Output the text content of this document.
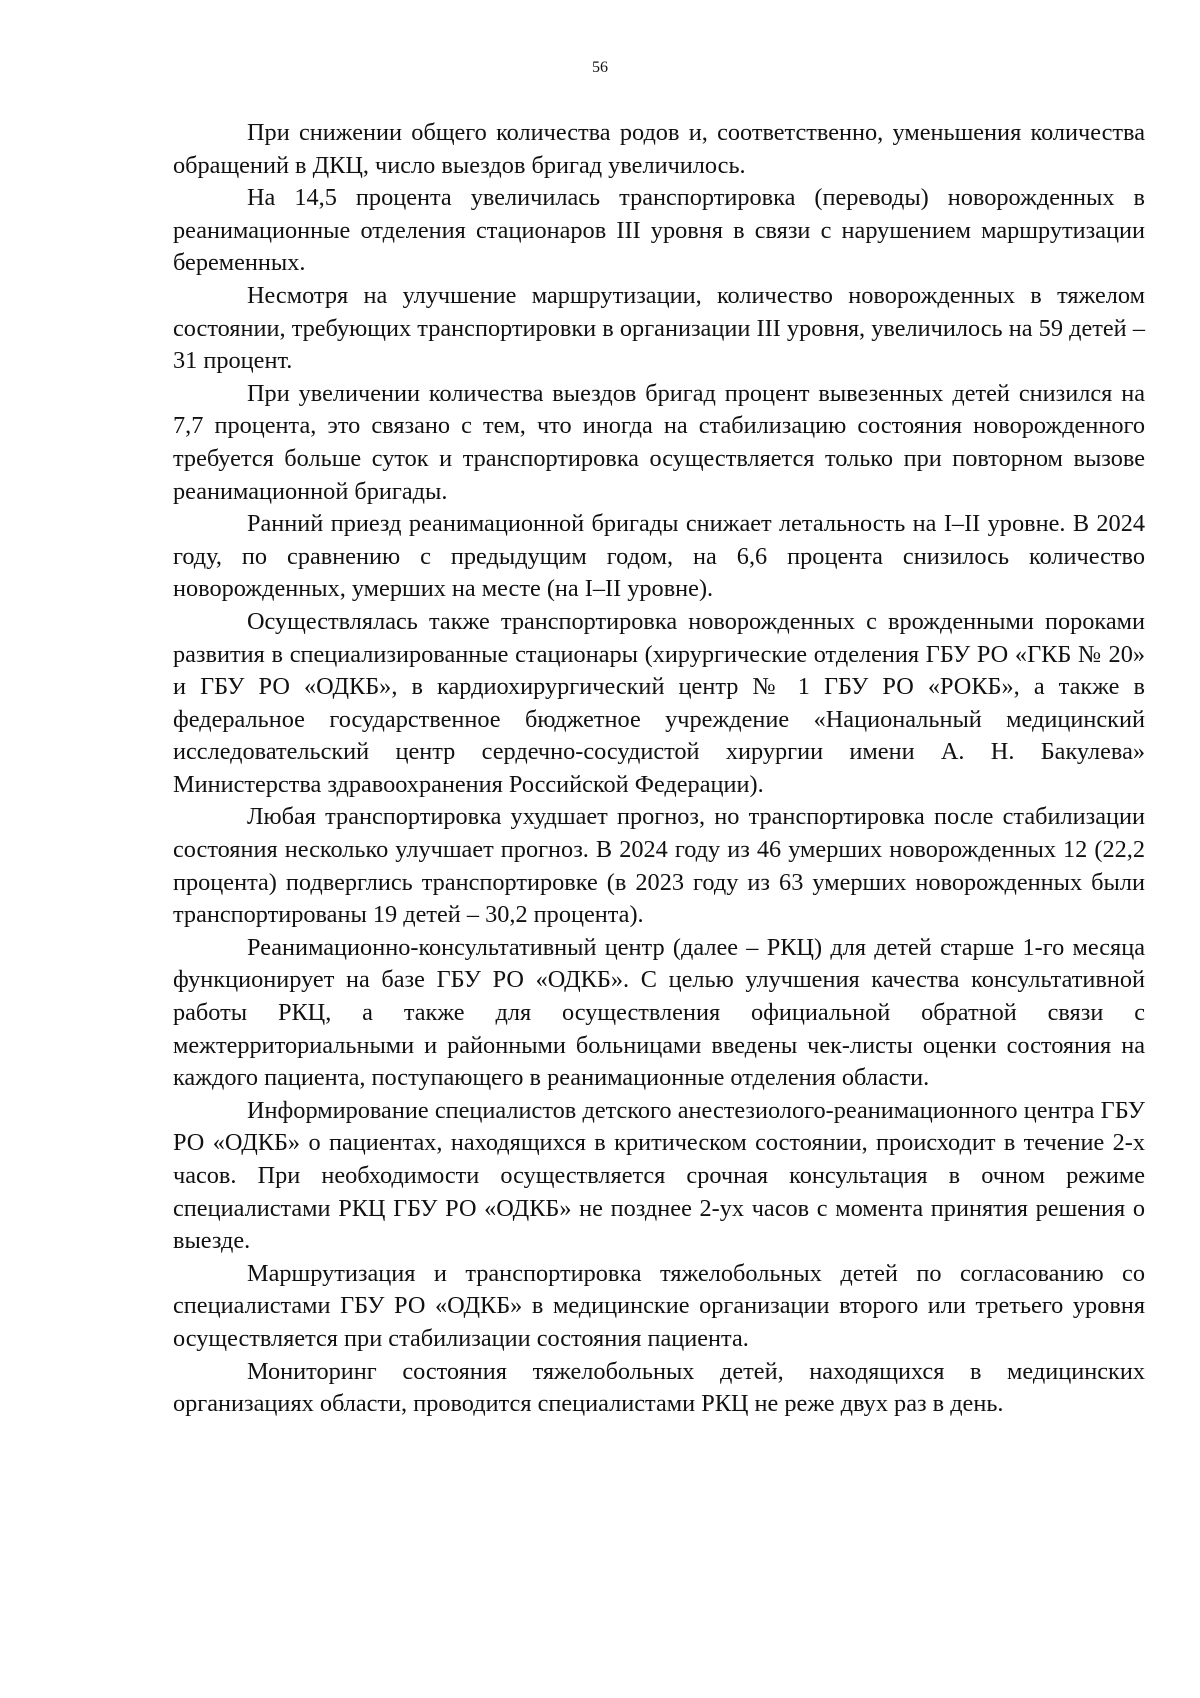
56

При снижении общего количества родов и, соответственно, уменьшения количества обращений в ДКЦ, число выездов бригад увеличилось.

На 14,5 процента увеличилась транспортировка (переводы) новорожденных в реанимационные отделения стационаров III уровня в связи с нарушением маршрутизации беременных.

Несмотря на улучшение маршрутизации, количество новорожденных в тяжелом состоянии, требующих транспортировки в организации III уровня, увеличилось на 59 детей – 31 процент.

При увеличении количества выездов бригад процент вывезенных детей снизился на 7,7 процента, это связано с тем, что иногда на стабилизацию состояния новорожденного требуется больше суток и транспортировка осуществляется только при повторном вызове реанимационной бригады.

Ранний приезд реанимационной бригады снижает летальность на I–II уровне. В 2024 году, по сравнению с предыдущим годом, на 6,6 процента снизилось количество новорожденных, умерших на месте (на I–II уровне).

Осуществлялась также транспортировка новорожденных с врожденными пороками развития в специализированные стационары (хирургические отделения ГБУ РО «ГКБ № 20» и ГБУ РО «ОДКБ», в кардиохирургический центр № 1 ГБУ РО «РОКБ», а также в федеральное государственное бюджетное учреждение «Национальный медицинский исследовательский центр сердечно-сосудистой хирургии имени А. Н. Бакулева» Министерства здравоохранения Российской Федерации).

Любая транспортировка ухудшает прогноз, но транспортировка после стабилизации состояния несколько улучшает прогноз. В 2024 году из 46 умерших новорожденных 12 (22,2 процента) подверглись транспортировке (в 2023 году из 63 умерших новорожденных были транспортированы 19 детей – 30,2 процента).

Реанимационно-консультативный центр (далее – РКЦ) для детей старше 1-го месяца функционирует на базе ГБУ РО «ОДКБ». С целью улучшения качества консультативной работы РКЦ, а также для осуществления официальной обратной связи с межтерриториальными и районными больницами введены чек-листы оценки состояния на каждого пациента, поступающего в реанимационные отделения области.

Информирование специалистов детского анестезиолого-реанимационного центра ГБУ РО «ОДКБ» о пациентах, находящихся в критическом состоянии, происходит в течение 2-х часов. При необходимости осуществляется срочная консультация в очном режиме специалистами РКЦ ГБУ РО «ОДКБ» не позднее 2-ух часов с момента принятия решения о выезде.

Маршрутизация и транспортировка тяжелобольных детей по согласованию со специалистами ГБУ РО «ОДКБ» в медицинские организации второго или третьего уровня осуществляется при стабилизации состояния пациента.

Мониторинг состояния тяжелобольных детей, находящихся в медицинских организациях области, проводится специалистами РКЦ не реже двух раз в день.
